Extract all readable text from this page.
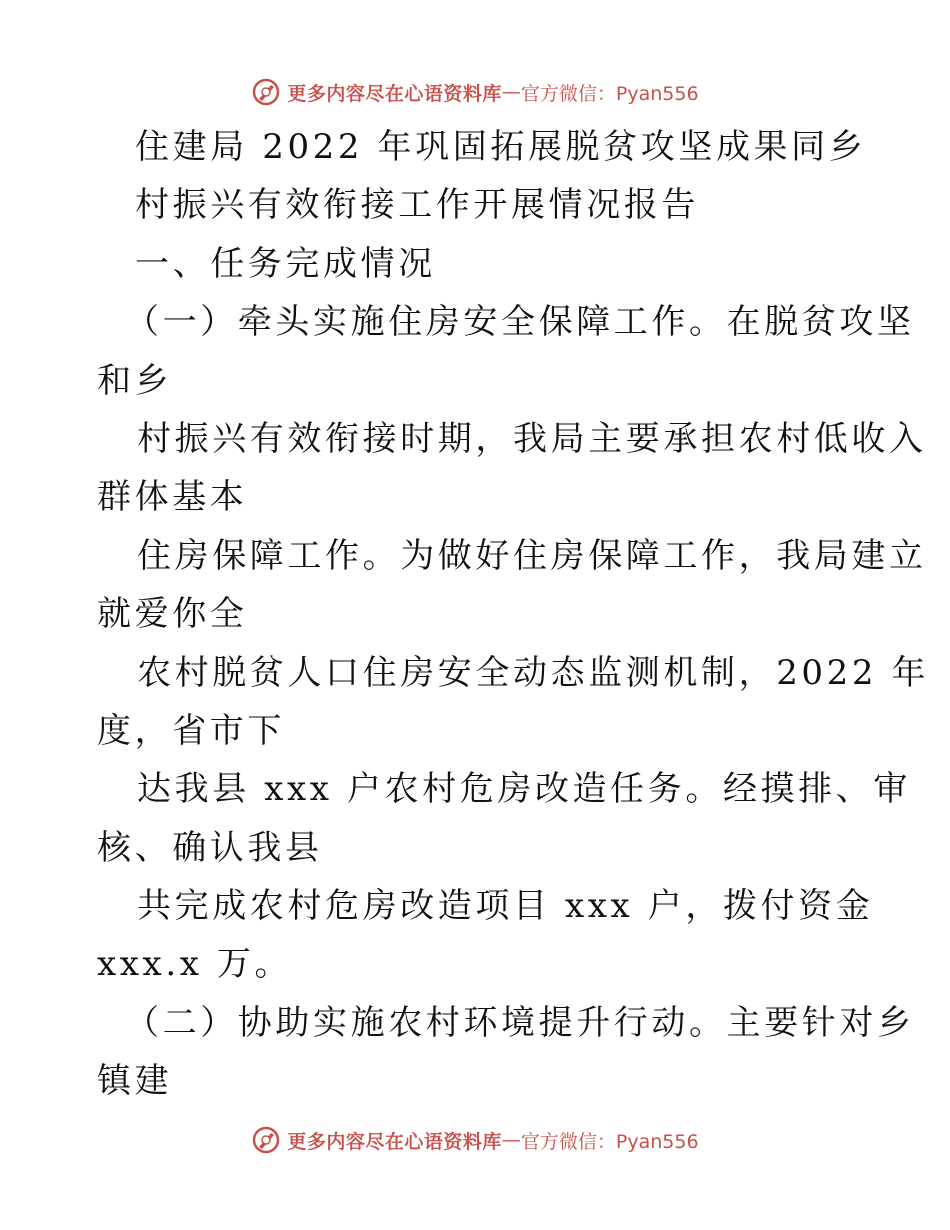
更多内容尽在心语资料库 — 官方微信：Pyan556
住建局 2022 年巩固拓展脱贫攻坚成果同乡
村振兴有效衔接工作开展情况报告
一、任务完成情况
（一）牵头实施住房安全保障工作。在脱贫攻坚
和乡
村振兴有效衔接时期，我局主要承担农村低收入
群体基本
住房保障工作。为做好住房保障工作，我局建立
就爱你全
农村脱贫人口住房安全动态监测机制，2022 年
度，省市下
达我县 xxx 户农村危房改造任务。经摸排、审
核、确认我县
共完成农村危房改造项目 xxx 户，拨付资金
xxx.x 万。
（二）协助实施农村环境提升行动。主要针对乡
镇建
更多内容尽在心语资料库 — 官方微信：Pyan556
